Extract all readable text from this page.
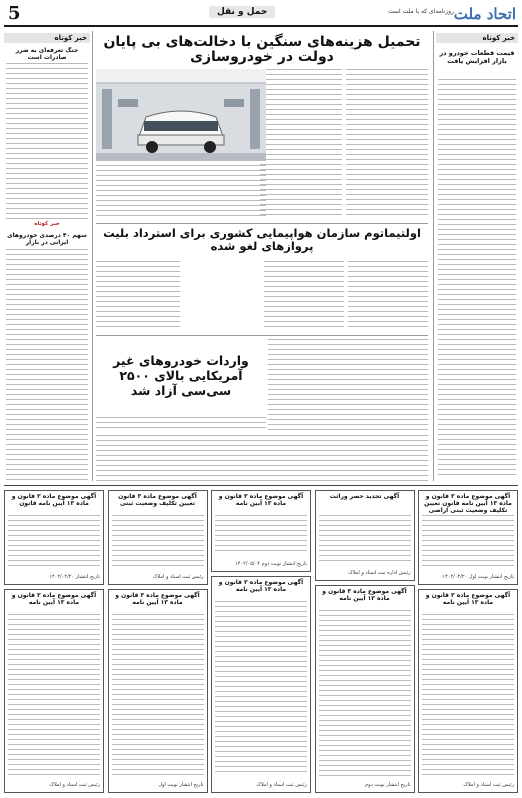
اتحاد ملت
روزنامه‌ای که با ملت است
حمل و نقل
5
خبر کوتاه
قیمت قطعات خودرو در بازار افزایش یافت
خبر کوتاه
جنگ تعرفه‌ای به ضرر صادرات است
خبر کوتاه
سهم ۴۰ درصدی خودروهای ایرانی در بازار
تحمیل هزینه‌های سنگین با دخالت‌های بی پایان دولت در خودروسازی
اولتیماتوم سازمان هواپیمایی کشوری برای استرداد بلیت پروازهای لغو شده
واردات خودروهای غیر آمریکایی بالای ۲۵۰۰ سی‌سی آزاد شد
آگهی موضوع ماده ۳ قانون و ماده ۱۳ آیین نامه قانون تعیین تکلیف وضعیت ثبتی اراضی
تاریخ انتشار نوبت اول ۱۴۰۲/۰۴/۲۰
آگهی تجدید حصر وراثت
رئیس اداره ثبت اسناد و املاک
آگهی موضوع ماده ۳ قانون و ماده ۱۳ آیین نامه
تاریخ انتشار نوبت دوم ۱۴۰۲/۰۵/۰۴
آگهی موضوع ماده ۳ قانون تعیین تکلیف وضعیت ثبتی
رئیس ثبت اسناد و املاک
آگهی موضوع ماده ۳ قانون و ماده ۱۳ آیین نامه قانون
تاریخ انتشار ۱۴۰۲/۰۴/۲۰
آگهی موضوع ماده ۳ قانون و ماده ۱۳ آیین نامه
رئیس ثبت اسناد و املاک
آگهی موضوع ماده ۳ قانون و ماده ۱۳ آیین نامه
تاریخ انتشار نوبت دوم
آگهی موضوع ماده ۳ قانون و ماده ۱۳ آیین نامه
رئیس ثبت اسناد و املاک
آگهی موضوع ماده ۳ قانون و ماده ۱۳ آیین نامه
تاریخ انتشار نوبت اول
آگهی موضوع ماده ۳ قانون و ماده ۱۳ آیین نامه
رئیس ثبت اسناد و املاک
